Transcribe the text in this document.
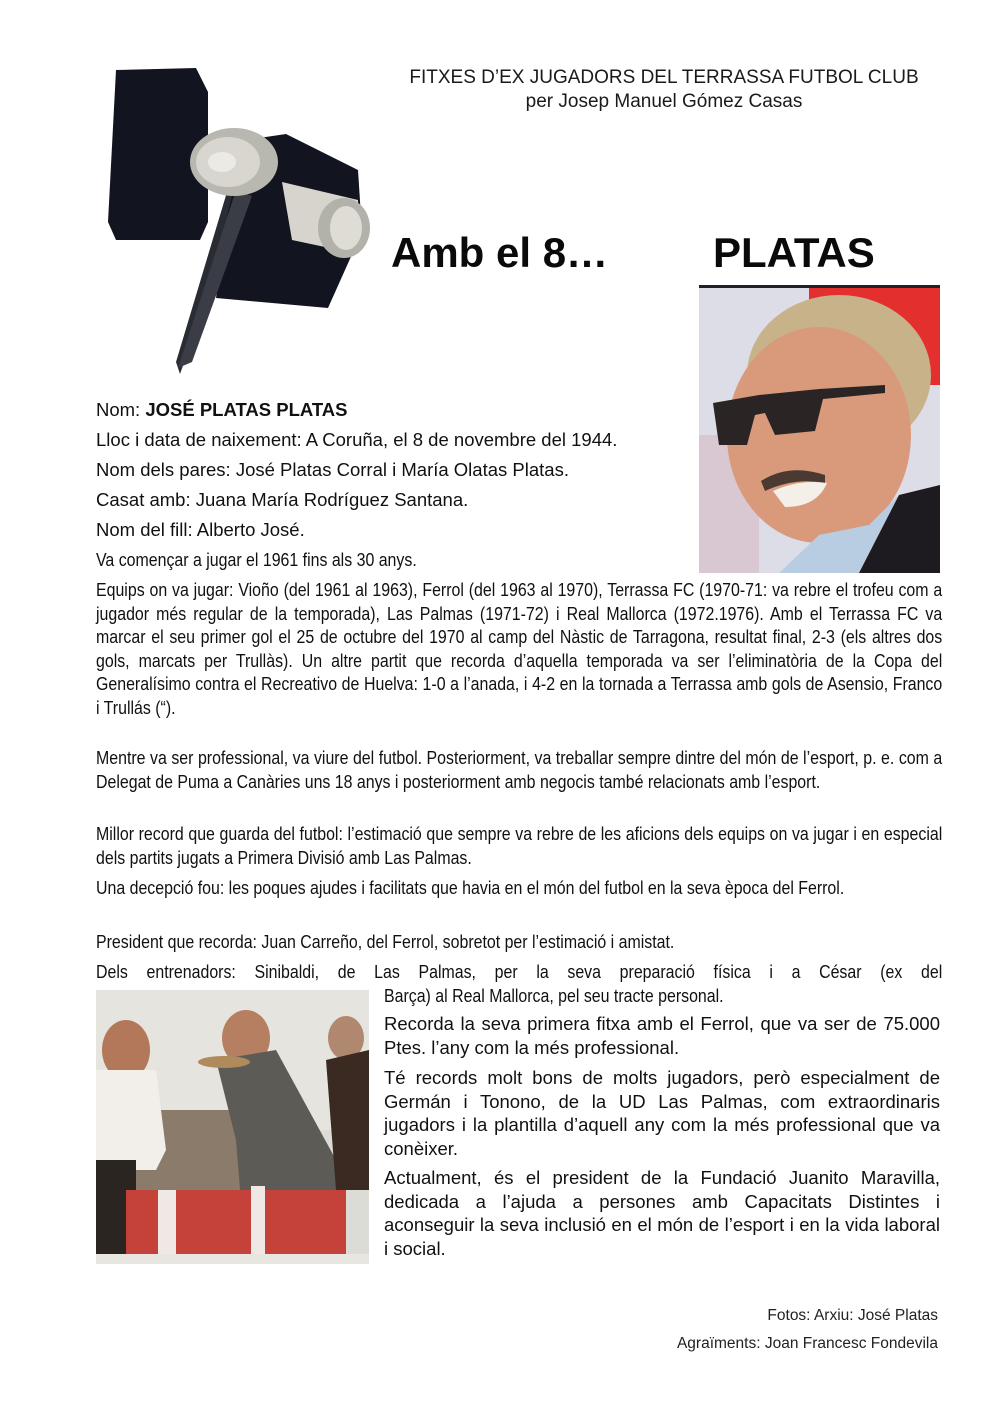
FITXES D’EX JUGADORS DEL TERRASSA FUTBOL CLUB
per Josep Manuel Gómez Casas
Amb el 8… PLATAS
Nom: JOSÉ PLATAS PLATAS
Lloc i data de naixement: A Coruña, el 8 de novembre del 1944.
Nom dels pares: José Platas Corral i María Olatas Platas.
Casat amb: Juana María Rodríguez Santana.
Nom del fill: Alberto José.
Va començar a jugar el 1961 fins als 30 anys.
Equips on va jugar: Vioño (del 1961 al 1963), Ferrol (del 1963 al 1970), Terrassa FC (1970-71: va rebre el trofeu com a jugador més regular de la temporada), Las Palmas (1971-72) i Real Mallorca (1972.1976). Amb el Terrassa FC va marcar el seu primer gol el 25 de octubre del 1970 al camp del Nàstic de Tarragona, resultat final, 2-3 (els altres dos gols, marcats per Trullàs). Un altre partit que recorda d’aquella temporada va ser l’eliminatòria de la Copa del Generalísimo contra el Recreativo de Huelva: 1-0 a l’anada, i 4-2 en la tornada a Terrassa amb gols de Asensio, Franco i Trullás (“).
Mentre va ser professional, va viure del futbol. Posteriorment, va treballar sempre dintre del món de l’esport, p. e. com a Delegat de Puma a Canàries uns 18 anys i posteriorment amb negocis també relacionats amb l’esport.
Millor record que guarda del futbol: l’estimació que sempre va rebre de les aficions dels equips on va jugar i en especial dels partits jugats a Primera Divisió amb Las Palmas.
Una decepció fou: les poques ajudes i facilitats que havia en el món del futbol en la seva època del Ferrol.
President que recorda: Juan Carreño, del Ferrol, sobretot per l’estimació i amistat.
Dels entrenadors: Sinibaldi, de Las Palmas, per la seva preparació física i a César (ex del
Barça) al Real Mallorca, pel seu tracte personal.
Recorda la seva primera fitxa amb el Ferrol, que va ser de 75.000 Ptes. l’any com la més professional.
Té records molt bons de molts jugadors, però especialment de Germán i Tonono, de la UD Las Palmas, com extraordinaris jugadors i la plantilla d’aquell any com la més professional que va conèixer.
Actualment, és el president de la Fundació Juanito Maravilla, dedicada a l’ajuda a persones amb Capacitats Distintes i aconseguir la seva inclusió en el món de l’esport i en la vida laboral i social.
Fotos: Arxiu: José Platas
Agraïments: Joan Francesc Fondevila
